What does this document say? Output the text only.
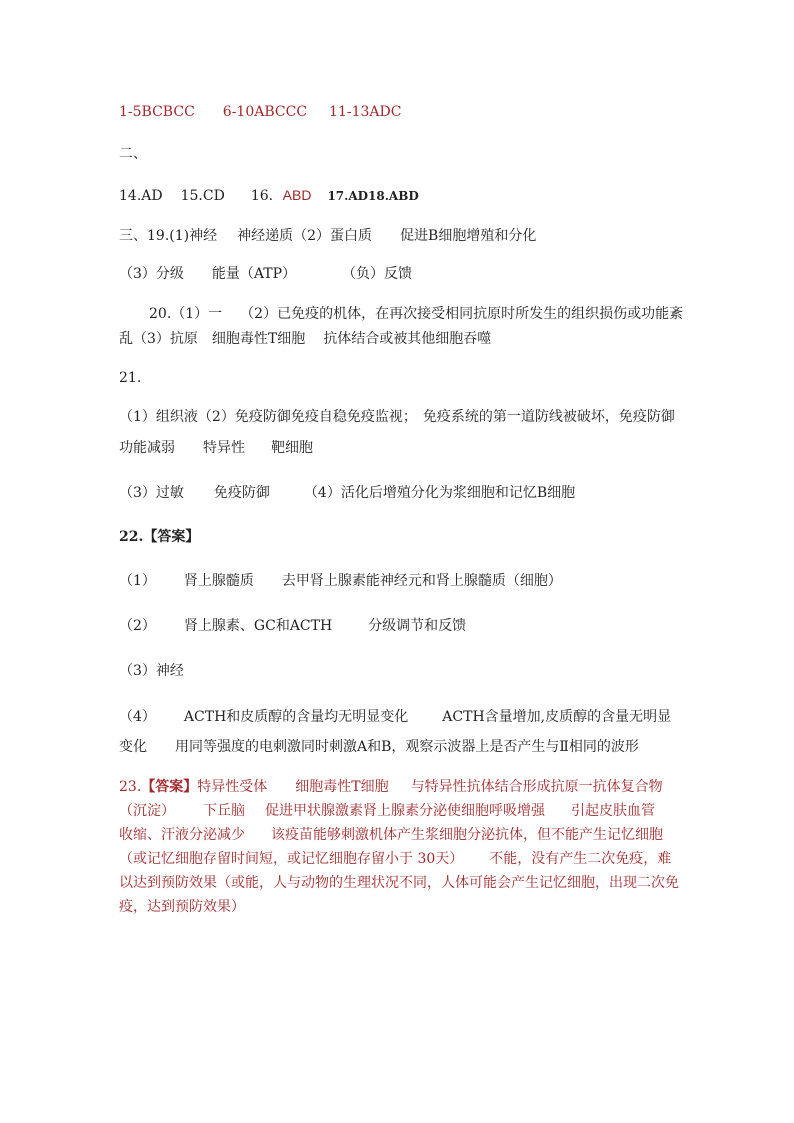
1-5BCBCC 6-10ABCCC 11-13ADC
二、
14.AD 15.CD 16．ABD 17.AD18.ABD
三、19.(1)神经 神经递质（2）蛋白质 促进B细胞增殖和分化
（3）分级 能量（ATP）	（负）反馈
20.（1）一 （2）已免疫的机体，在再次接受相同抗原时所发生的组织损伤或功能紊
乱（3）抗原 细胞毒性T细胞 抗体结合或被其他细胞吞噬
21.
（1）组织液（2）免疫防御免疫自稳免疫监视； 免疫系统的第一道防线被破坏，免疫防御
功能减弱 特异性 靶细胞
（3）过敏 免疫防御 （4）活化后增殖分化为浆细胞和记忆B细胞
22.【答案】
（1） 肾上腺髓质 去甲肾上腺素能神经元和肾上腺髓质（细胞）
（2） 肾上腺素、GC和ACTH	分级调节和反馈
（3）神经
（4） ACTH和皮质醇的含量均无明显变化 ACTH含量增加,皮质醇的含量无明显
变化 用同等强度的电刺激同时刺激A和B，观察示波器上是否产生与Ⅱ相同的波形
23.【答案】特异性受体 细胞毒性T细胞 与特异性抗体结合形成抗原一抗体复合物
（沉淀） 下丘脑 促进甲状腺激素肾上腺素分泌使细胞呼吸增强 引起皮肤血管
收缩、汗液分泌减少 该疫苗能够刺激机体产生浆细胞分泌抗体，但不能产生记忆细胞
（或记忆细胞存留时间短，或记忆细胞存留小于 30天） 不能，没有产生二次免疫，难
以达到预防效果（或能，人与动物的生理状况不同，人体可能会产生记忆细胞，出现二次免
疫，达到预防效果）
